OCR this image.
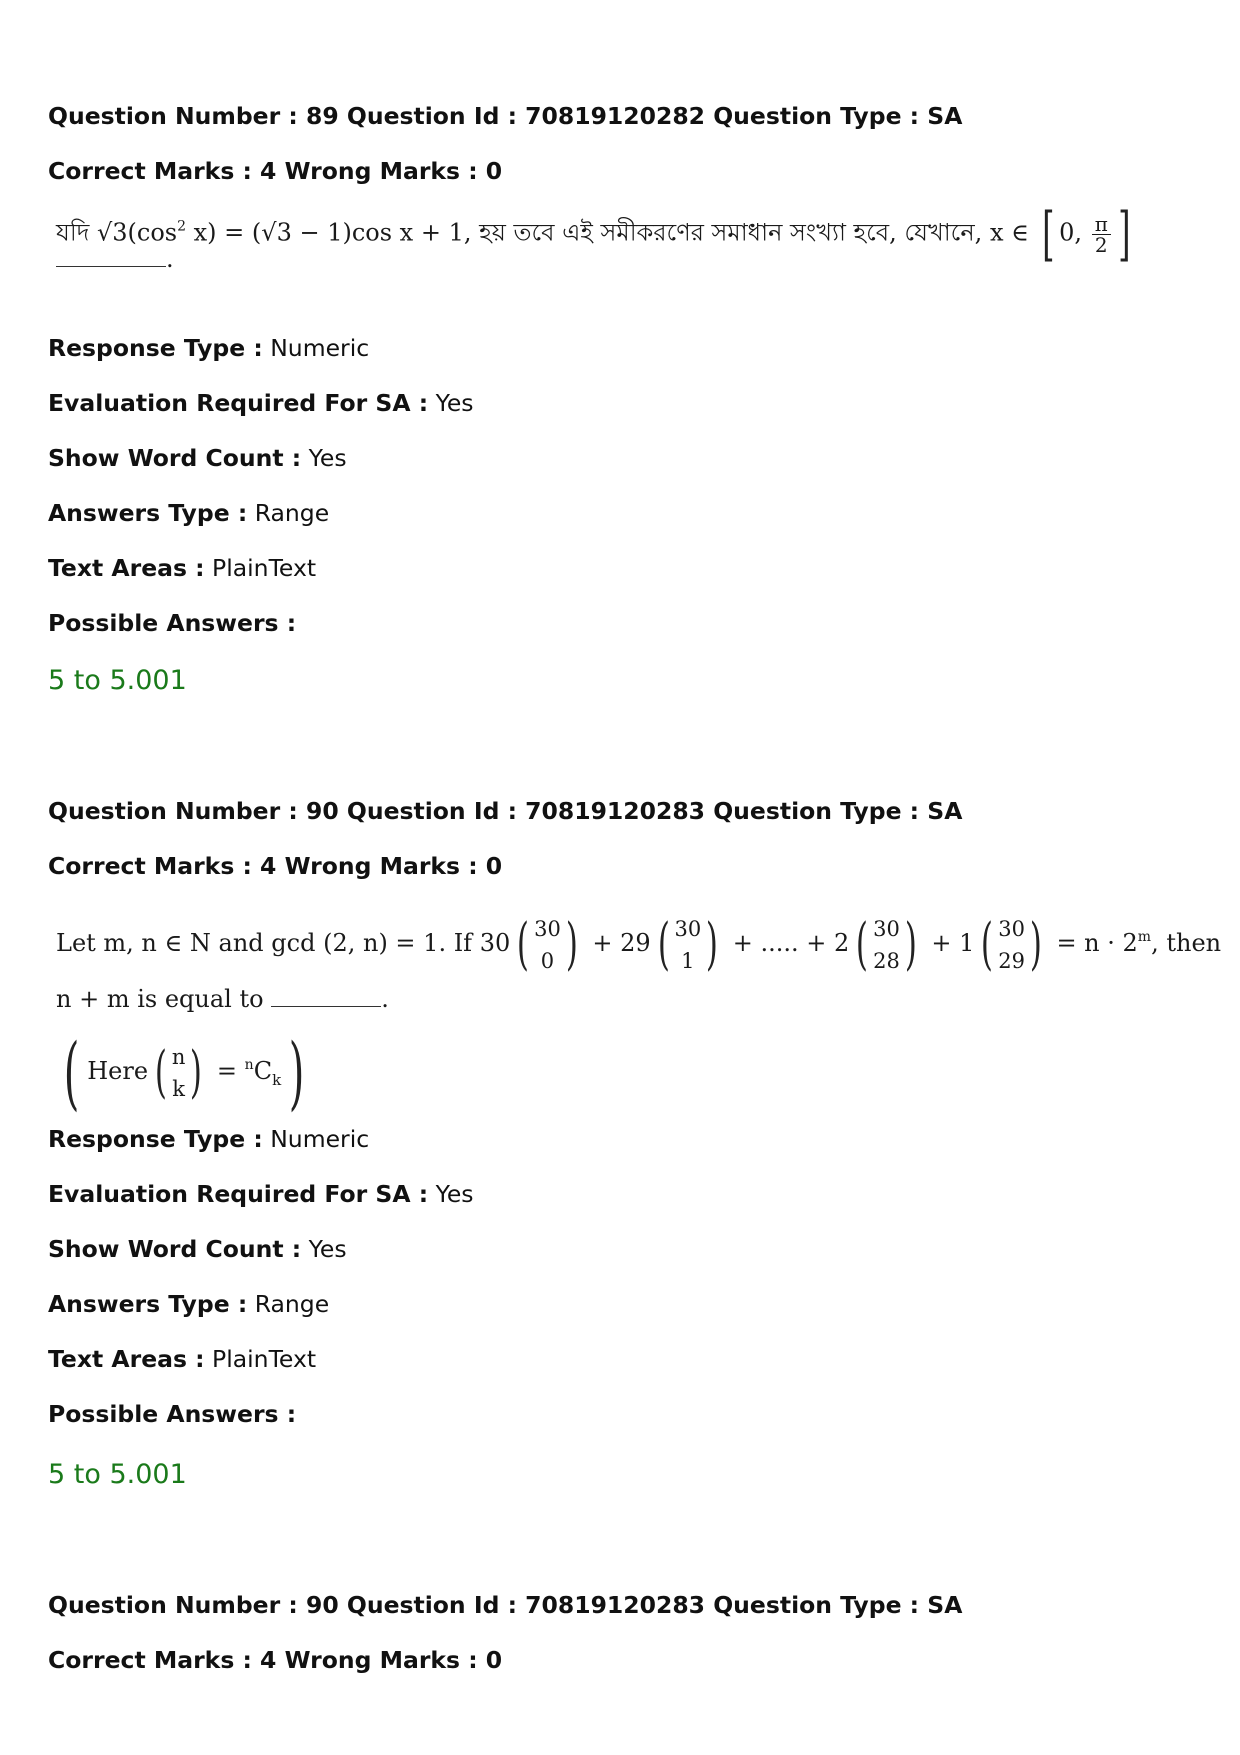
Question Number : 89 Question Id : 70819120282 Question Type : SA

Correct Marks : 4 Wrong Marks : 0

যদি $√3(\cos^2$ x) = (√3 − 1)cos x + 1, হয় তবে এই সমীকরণের সমাধান সংখ্যা হবে, যেখানে, x ∈ [ 0, $\frac{\pi}{2}$ ]
.

Response Type : Numeric

Evaluation Required For SA : Yes

Show Word Count : Yes

Answers Type : Range

Text Areas : PlainText

Possible Answers :

5 to 5.001

Question Number : 90 Question Id : 70819120283 Question Type : SA

Correct Marks : 4 Wrong Marks : 0

Let m, n ∈ N and gcd (2, n) = 1. If 30 ( 30
0 ) + 29 ( 30
1 ) + ..... + 2 ( 30
28 ) + 1 ( 30
29 ) = $n \cdot 2^m$, then
n + m is equal to	.
( Here ( n
k ) = $^nC_k$)

Response Type : Numeric

Evaluation Required For SA : Yes

Show Word Count : Yes

Answers Type : Range

Text Areas : PlainText

Possible Answers :

5 to 5.001

Question Number : 90 Question Id : 70819120283 Question Type : SA

Correct Marks : 4 Wrong Marks : 0
